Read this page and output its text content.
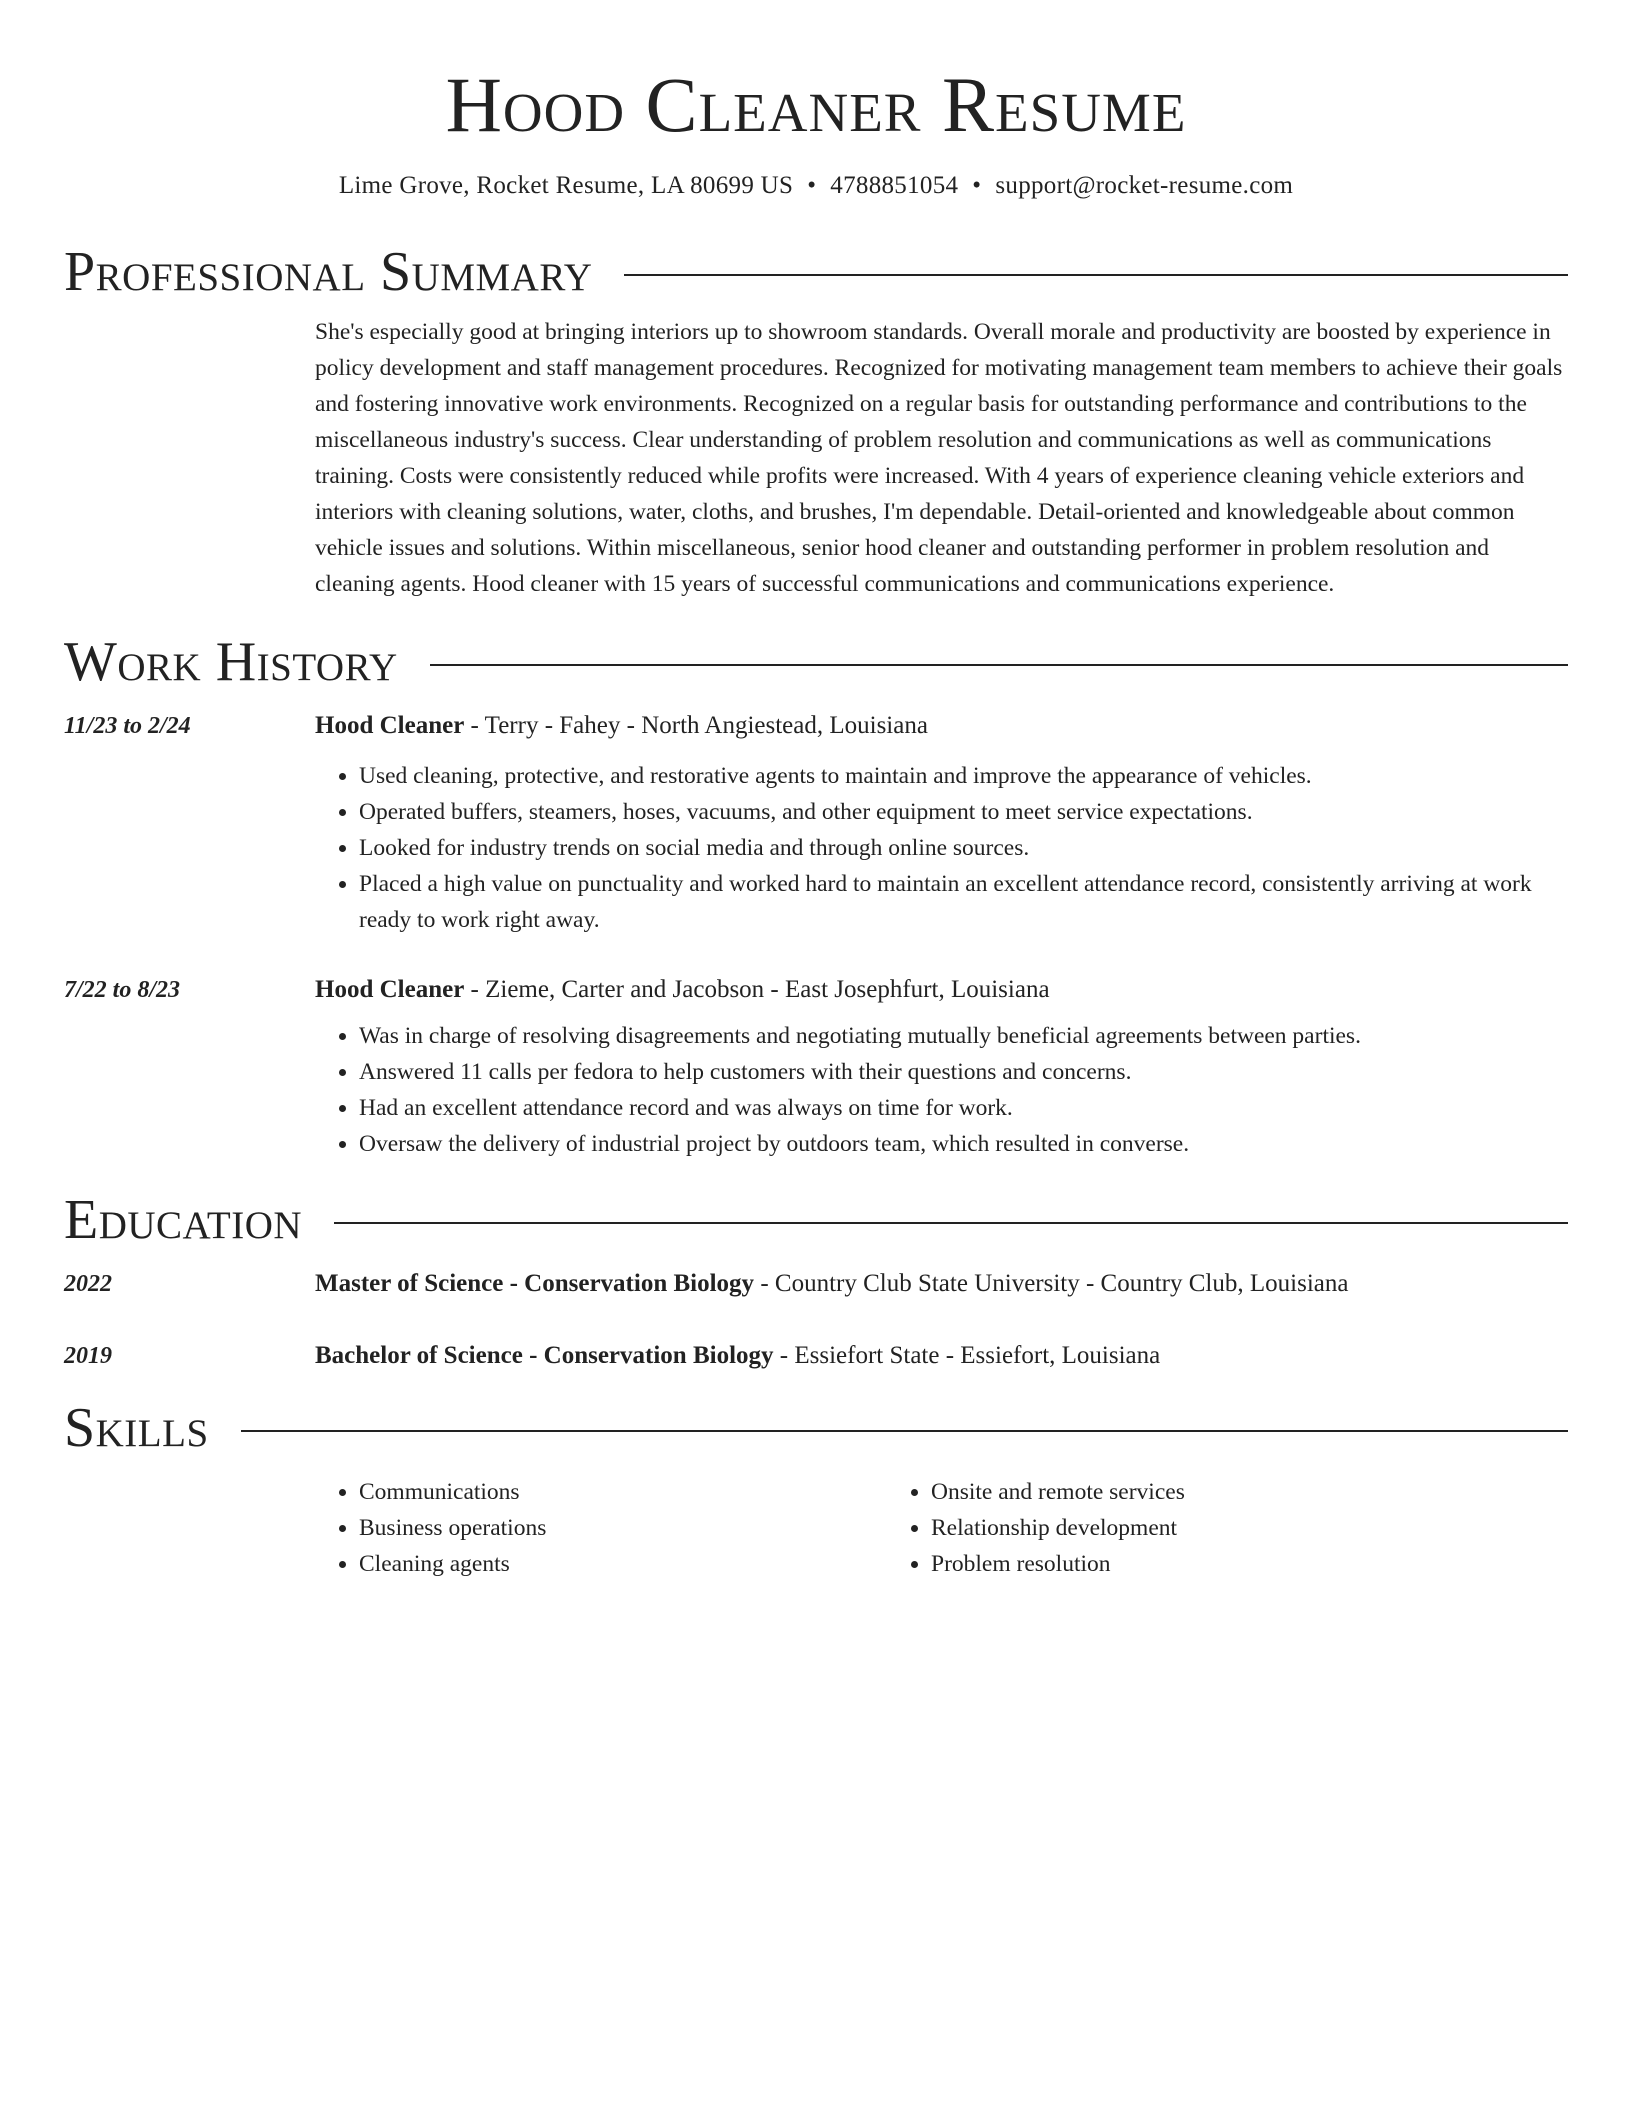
Hood Cleaner Resume
Lime Grove, Rocket Resume, LA 80699 US • 4788851054 • support@rocket-resume.com
Professional Summary
She's especially good at bringing interiors up to showroom standards. Overall morale and productivity are boosted by experience in policy development and staff management procedures. Recognized for motivating management team members to achieve their goals and fostering innovative work environments. Recognized on a regular basis for outstanding performance and contributions to the miscellaneous industry's success. Clear understanding of problem resolution and communications as well as communications training. Costs were consistently reduced while profits were increased. With 4 years of experience cleaning vehicle exteriors and interiors with cleaning solutions, water, cloths, and brushes, I'm dependable. Detail-oriented and knowledgeable about common vehicle issues and solutions. Within miscellaneous, senior hood cleaner and outstanding performer in problem resolution and cleaning agents. Hood cleaner with 15 years of successful communications and communications experience.
Work History
11/23 to 2/24	Hood Cleaner - Terry - Fahey - North Angiestead, Louisiana
• Used cleaning, protective, and restorative agents to maintain and improve the appearance of vehicles.
• Operated buffers, steamers, hoses, vacuums, and other equipment to meet service expectations.
• Looked for industry trends on social media and through online sources.
• Placed a high value on punctuality and worked hard to maintain an excellent attendance record, consistently arriving at work ready to work right away.
7/22 to 8/23	Hood Cleaner - Zieme, Carter and Jacobson - East Josephfurt, Louisiana
• Was in charge of resolving disagreements and negotiating mutually beneficial agreements between parties.
• Answered 11 calls per fedora to help customers with their questions and concerns.
• Had an excellent attendance record and was always on time for work.
• Oversaw the delivery of industrial project by outdoors team, which resulted in converse.
Education
2022	Master of Science - Conservation Biology - Country Club State University - Country Club, Louisiana
2019	Bachelor of Science - Conservation Biology - Essiefort State - Essiefort, Louisiana
Skills
• Communications
• Business operations
• Cleaning agents
• Onsite and remote services
• Relationship development
• Problem resolution
